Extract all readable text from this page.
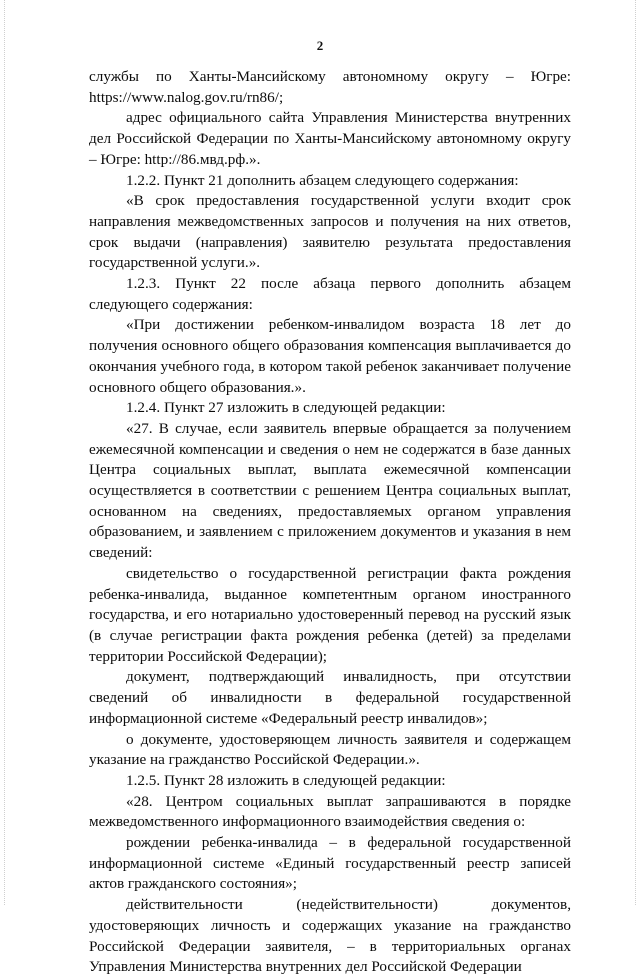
2

службы по Ханты-Мансийскому автономному округу – Югре: https://www.nalog.gov.ru/rn86/;

адрес официального сайта Управления Министерства внутренних дел Российской Федерации по Ханты-Мансийскому автономному округу – Югре: http://86.мвд.рф.».

1.2.2. Пункт 21 дополнить абзацем следующего содержания:

«В срок предоставления государственной услуги входит срок направления межведомственных запросов и получения на них ответов, срок выдачи (направления) заявителю результата предоставления государственной услуги.».

1.2.3. Пункт 22 после абзаца первого дополнить абзацем следующего содержания:

«При достижении ребенком-инвалидом возраста 18 лет до получения основного общего образования компенсация выплачивается до окончания учебного года, в котором такой ребенок заканчивает получение основного общего образования.».

1.2.4. Пункт 27 изложить в следующей редакции:

«27. В случае, если заявитель впервые обращается за получением ежемесячной компенсации и сведения о нем не содержатся в базе данных Центра социальных выплат, выплата ежемесячной компенсации осуществляется в соответствии с решением Центра социальных выплат, основанном на сведениях, предоставляемых органом управления образованием, и заявлением с приложением документов и указания в нем сведений:

свидетельство о государственной регистрации факта рождения ребенка-инвалида, выданное компетентным органом иностранного государства, и его нотариально удостоверенный перевод на русский язык (в случае регистрации факта рождения ребенка (детей) за пределами территории Российской Федерации);

документ, подтверждающий инвалидность, при отсутствии сведений об инвалидности в федеральной государственной информационной системе «Федеральный реестр инвалидов»;

о документе, удостоверяющем личность заявителя и содержащем указание на гражданство Российской Федерации.».

1.2.5. Пункт 28 изложить в следующей редакции:

«28. Центром социальных выплат запрашиваются в порядке межведомственного информационного взаимодействия сведения о:

рождении ребенка-инвалида – в федеральной государственной информационной системе «Единый государственный реестр записей актов гражданского состояния»;

действительности (недействительности) документов, удостоверяющих личность и содержащих указание на гражданство Российской Федерации заявителя, – в территориальных органах Управления Министерства внутренних дел Российской Федерации
